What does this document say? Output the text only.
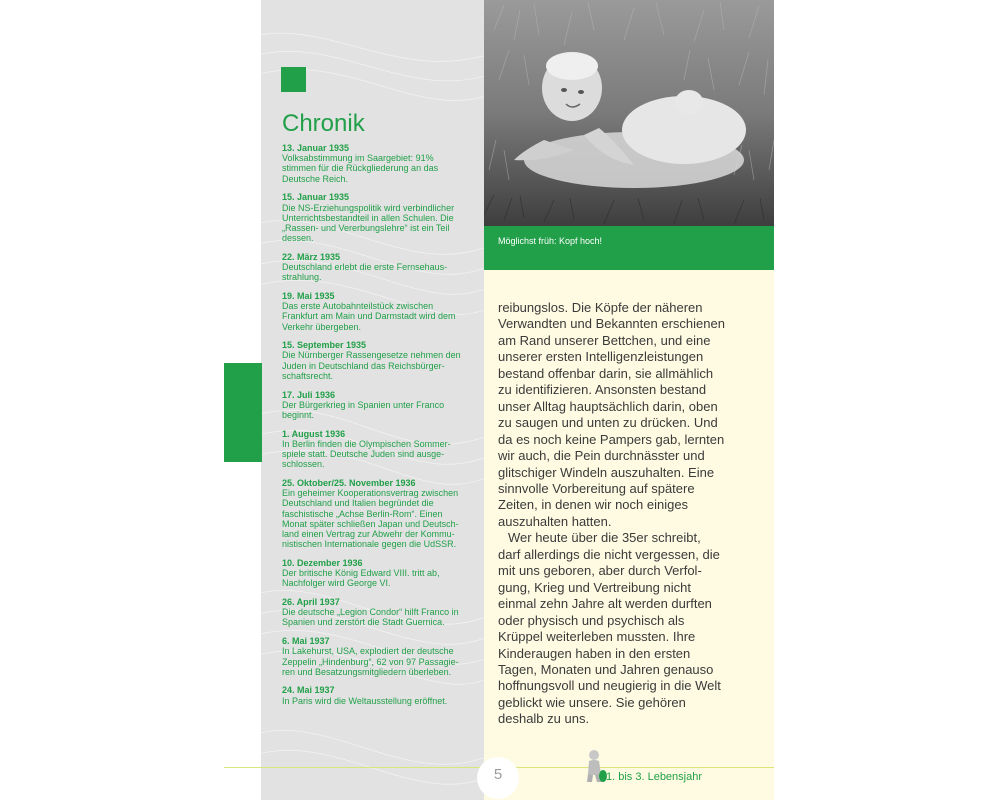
Chronik

13. Januar 1935

Volksabstimmung im Saargebiet: 91%
stimmen für die Rückgliederung an das
Deutsche Reich.

15. Januar 1935

Die NS-Erziehungspolitik wird verbindlicher
Unterrichtsbestandteil in allen Schulen. Die
„Rassen- und Vererbungslehre“ ist ein Teil
dessen.

22. März 1935

Deutschland erlebt die erste Fernsehaus-
strahlung.

19. Mai 1935

Das erste Autobahnteilstück zwischen
Frankfurt am Main und Darmstadt wird dem
Verkehr übergeben.

15. September 1935

Die Nürnberger Rassengesetze nehmen den
Juden in Deutschland das Reichsbürger-
schaftsrecht.

17. Juli 1936

Der Bürgerkrieg in Spanien unter Franco
beginnt.

1. August 1936

In Berlin finden die Olympischen Sommer-
spiele statt. Deutsche Juden sind ausge-
schlossen.

25. Oktober/25. November 1936

Ein geheimer Kooperationsvertrag zwischen
Deutschland und Italien begründet die
faschistische „Achse Berlin-Rom“. Einen
Monat später schließen Japan und Deutsch-
land einen Vertrag zur Abwehr der Kommu-
nistischen Internationale gegen die UdSSR.

10. Dezember 1936

Der britische König Edward VIII. tritt ab,
Nachfolger wird George VI.

26. April 1937

Die deutsche „Legion Condor“ hilft Franco in
Spanien und zerstört die Stadt Guernica.

6. Mai 1937

In Lakehurst, USA, explodiert der deutsche
Zeppelin „Hindenburg“, 62 von 97 Passagie-
ren und Besatzungsmitgliedern überleben.

24. Mai 1937

In Paris wird die Weltausstellung eröffnet.

Möglichst früh: Kopf hoch!

reibungslos. Die Köpfe der näheren
Verwandten und Bekannten erschienen
am Rand unserer Bettchen, und eine
unserer ersten Intelligenzleistungen
bestand offenbar darin, sie allmählich
zu identifizieren. Ansonsten bestand
unser Alltag hauptsächlich darin, oben
zu saugen und unten zu drücken. Und
da es noch keine Pampers gab, lernten
wir auch, die Pein durchnässter und
glitschiger Windeln auszuhalten. Eine
sinnvolle Vorbereitung auf spätere
Zeiten, in denen wir noch einiges
auszuhalten hatten.

Wer heute über die 35er schreibt,
darf allerdings die nicht vergessen, die
mit uns geboren, aber durch Verfol-
gung, Krieg und Vertreibung nicht
einmal zehn Jahre alt werden durften
oder physisch und psychisch als
Krüppel weiterleben mussten. Ihre
Kinderaugen haben in den ersten
Tagen, Monaten und Jahren genauso
hoffnungsvoll und neugierig in die Welt
geblickt wie unsere. Sie gehören
deshalb zu uns.

5	1. bis 3. Lebensjahr
